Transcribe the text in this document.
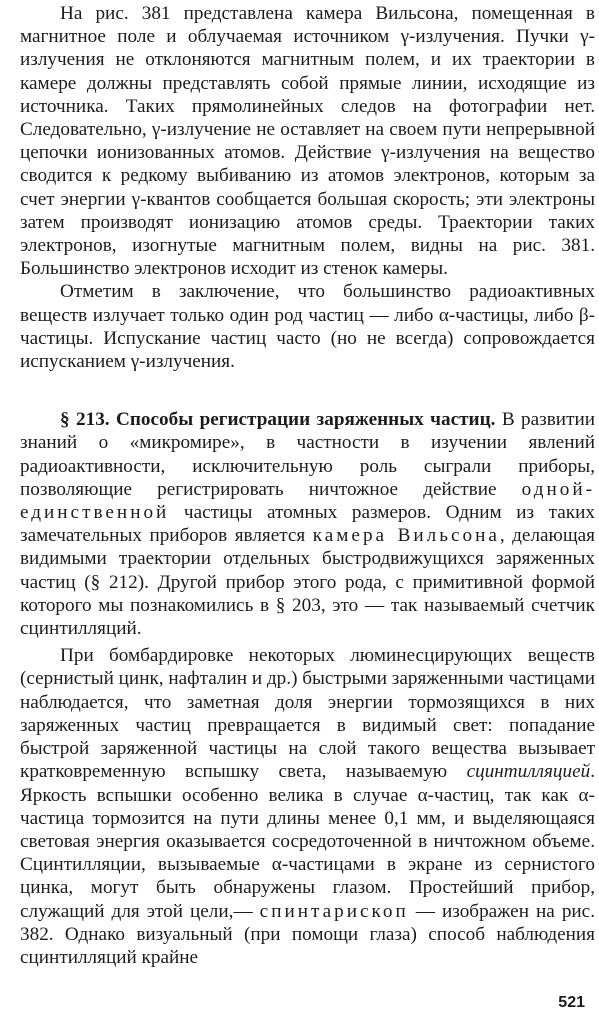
На рис. 381 представлена камера Вильсона, помещенная в магнитное поле и облучаемая источником γ-излучения. Пучки γ-излучения не отклоняются магнитным полем, и их траектории в камере должны представлять собой прямые линии, исходящие из источника. Таких прямолинейных следов на фотографии нет. Следовательно, γ-излучение не оставляет на своем пути непрерывной цепочки ионизованных атомов. Действие γ-излучения на вещество сводится к редкому выбиванию из атомов электронов, которым за счет энергии γ-квантов сообщается большая скорость; эти электроны затем производят ионизацию атомов среды. Траектории таких электронов, изогнутые магнитным полем, видны на рис. 381. Большинство электронов исходит из стенок камеры.

Отметим в заключение, что большинство радиоактивных веществ излучает только один род частиц — либо α-частицы, либо β-частицы. Испускание частиц часто (но не всегда) сопровождается испусканием γ-излучения.

§ 213. Способы регистрации заряженных частиц. В развитии знаний о «микромире», в частности в изучении явлений радиоактивности, исключительную роль сыграли приборы, позволяющие регистрировать ничтожное действие одной-единственной частицы атомных размеров. Одним из таких замечательных приборов является камера Вильсона, делающая видимыми траектории отдельных быстродвижущихся заряженных частиц (§ 212). Другой прибор этого рода, с примитивной формой которого мы познакомились в § 203, это — так называемый счетчик сцинтилляций.

При бомбардировке некоторых люминесцирующих веществ (сернистый цинк, нафталин и др.) быстрыми заряженными частицами наблюдается, что заметная доля энергии тормозящихся в них заряженных частиц превращается в видимый свет: попадание быстрой заряженной частицы на слой такого вещества вызывает кратковременную вспышку света, называемую сцинтилляцией. Яркость вспышки особенно велика в случае α-частиц, так как α-частица тормозится на пути длины менее 0,1 мм, и выделяющаяся световая энергия оказывается сосредоточенной в ничтожном объеме. Сцинтилляции, вызываемые α-частицами в экране из сернистого цинка, могут быть обнаружены глазом. Простейший прибор, служащий для этой цели,— спинтарископ — изображен на рис. 382. Однако визуальный (при помощи глаза) способ наблюдения сцинтилляций крайне

521
